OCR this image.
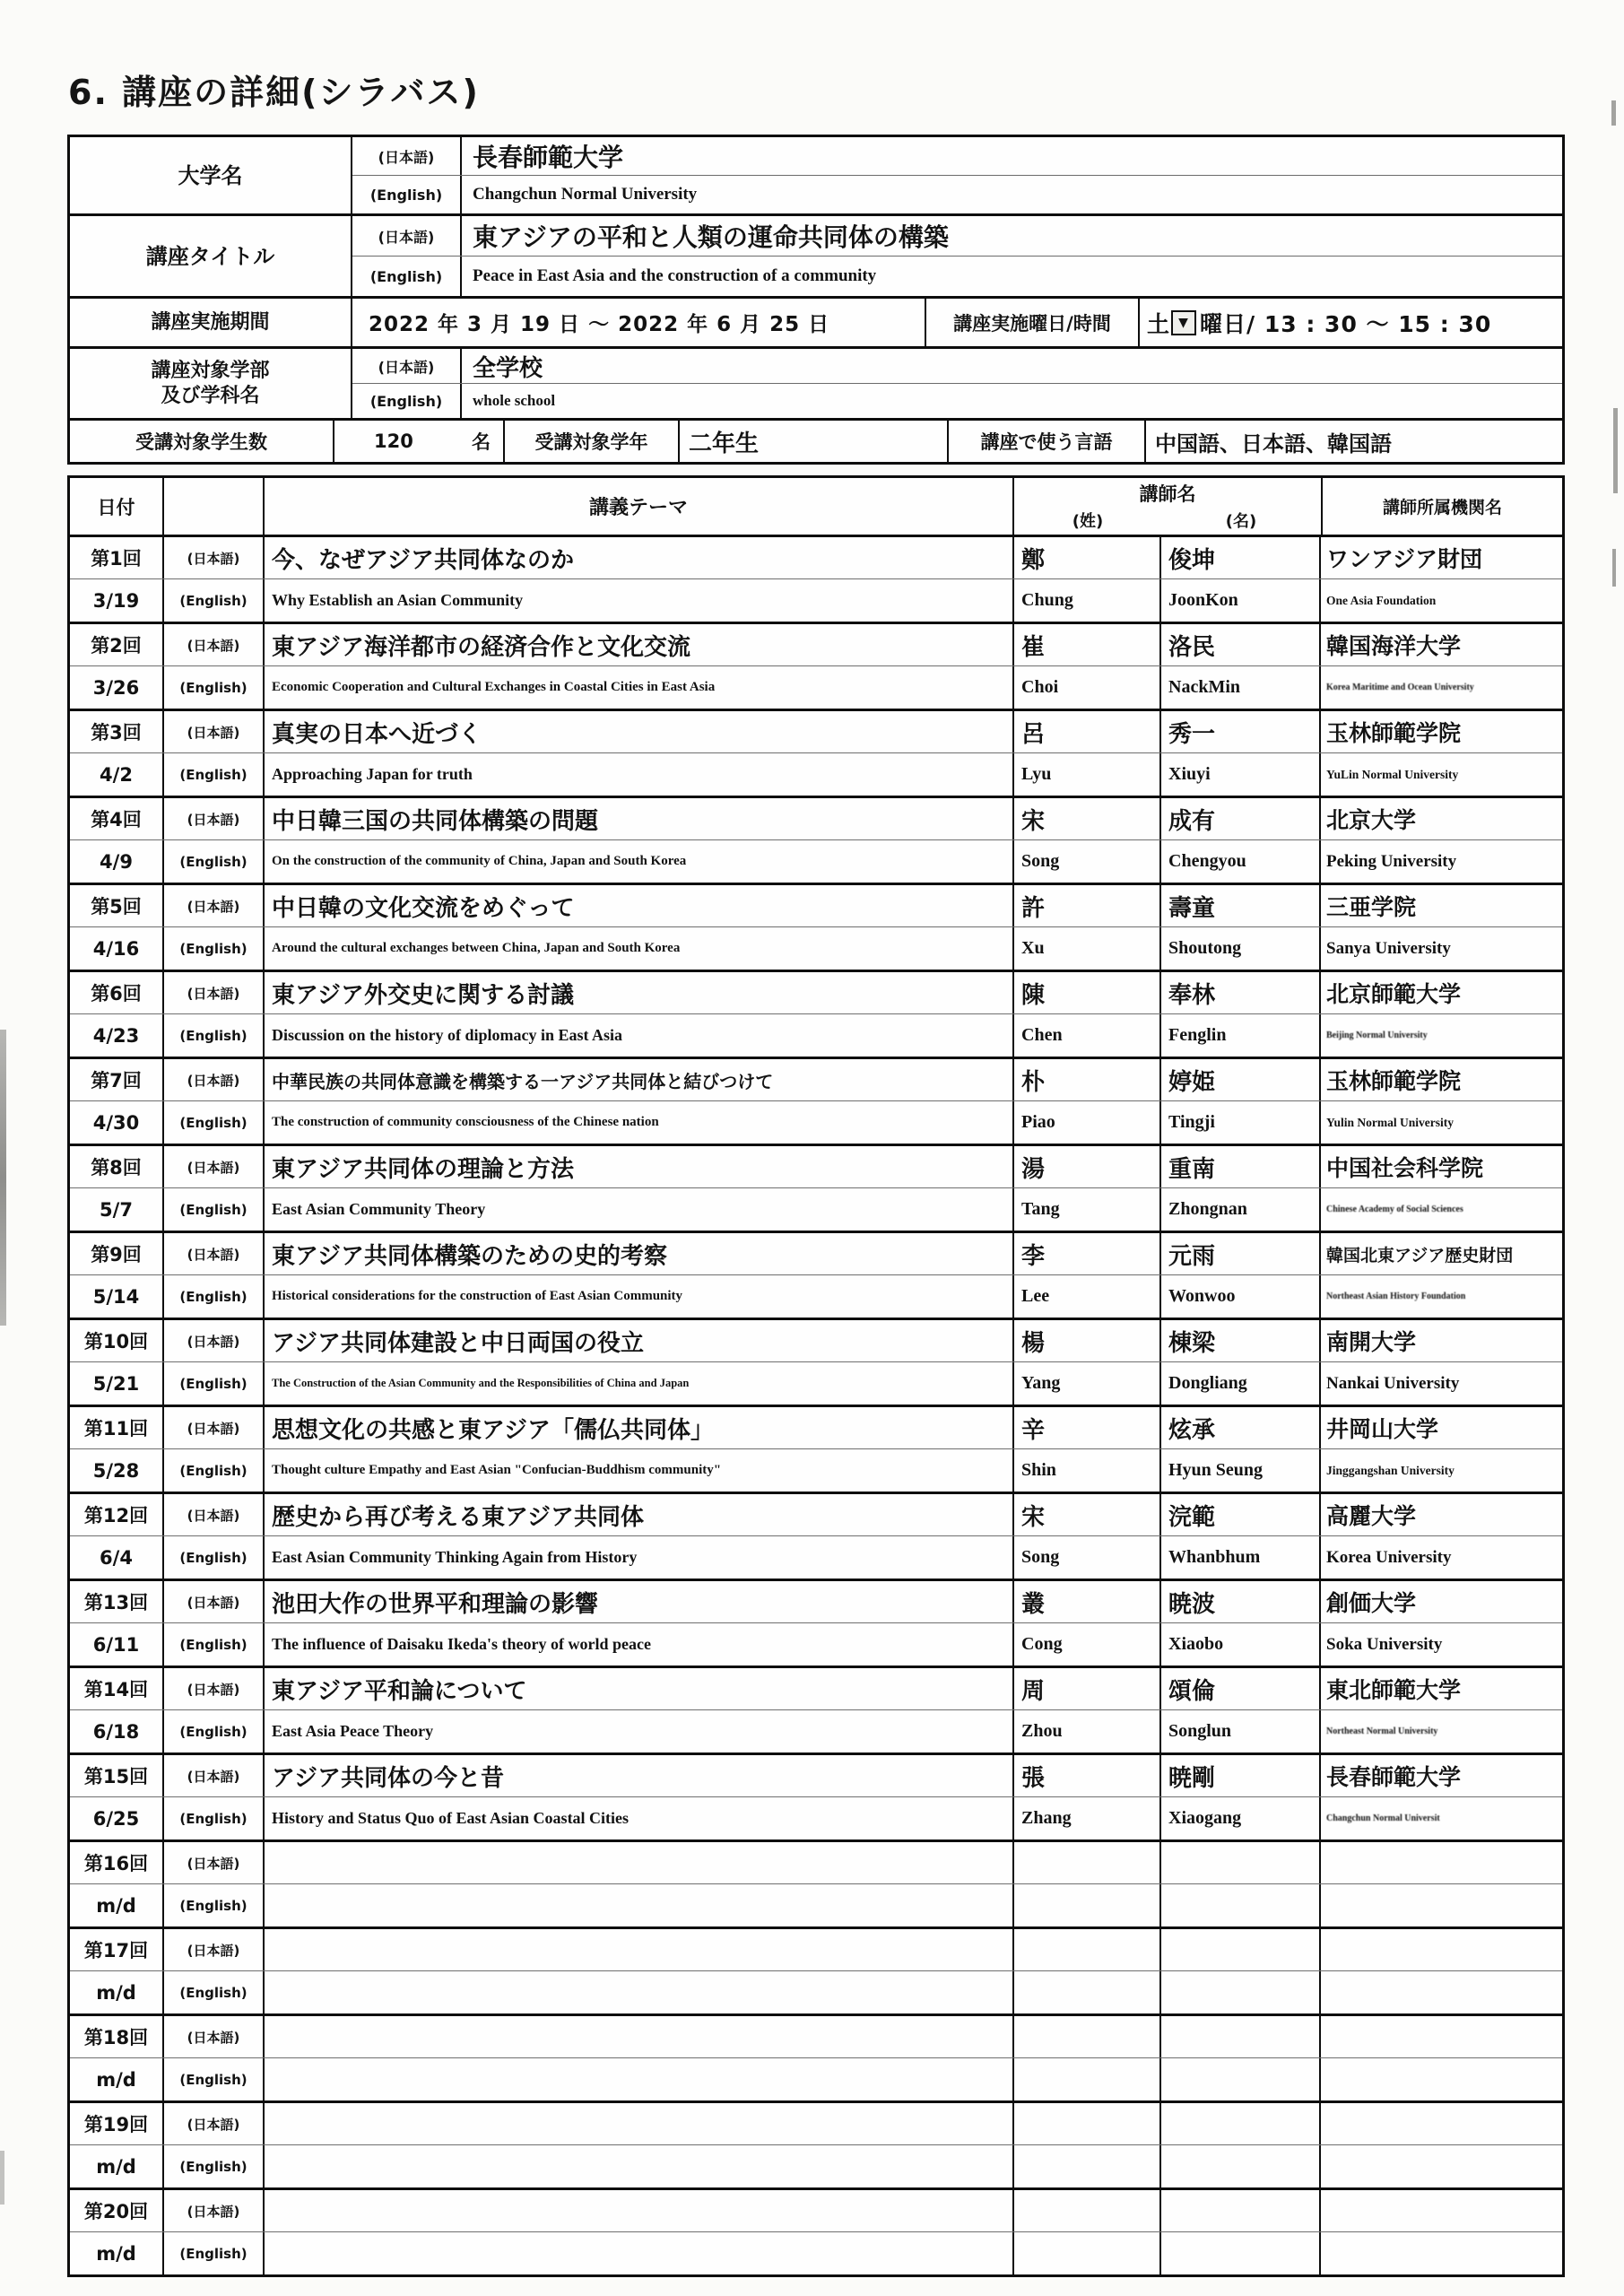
6. 講座の詳細(シラバス)
大学名
(日本語)	長春師範大学
(English)	Changchun Normal University
講座タイトル
(日本語)	東アジアの平和と人類の運命共同体の構築
(English)	Peace in East Asia and the construction of a community
講座実施期間	2022 年 3 月 19 日 ～ 2022 年 6 月 25 日	講座実施曜日/時間	土 ▼ 曜日/ 13 : 30 ～ 15 : 30
講座対象学部
及び学科名
(日本語)	全学校
(English)	whole school
受講対象学生数	120	名	受講対象学年	二年生	講座で使う言語	中国語、日本語、韓国語
日付	講義テーマ
講師名
(姓)	(名)
講師所属機関名
第1回	(日本語)	今、なぜアジア共同体なのか	鄭	俊坤	ワンアジア財団
3/19	(English)	Why Establish an Asian Community	Chung	JoonKon	One Asia Foundation
第2回	(日本語)	東アジア海洋都市の経済合作と文化交流	崔	洛民	韓国海洋大学
3/26	(English)	Economic Cooperation and Cultural Exchanges in Coastal Cities in East Asia	Choi	NackMin	Korea Maritime and Ocean University
第3回	(日本語)	真実の日本へ近づく	呂	秀一	玉林師範学院
4/2	(English)	Approaching Japan for truth	Lyu	Xiuyi	YuLin Normal University
第4回	(日本語)	中日韓三国の共同体構築の問題	宋	成有	北京大学
4/9	(English)	On the construction of the community of China, Japan and South Korea	Song	Chengyou	Peking University
第5回	(日本語)	中日韓の文化交流をめぐって	許	壽童	三亜学院
4/16	(English)	Around the cultural exchanges between China, Japan and South Korea	Xu	Shoutong	Sanya University
第6回	(日本語)	東アジア外交史に関する討議	陳	奉林	北京師範大学
4/23	(English)	Discussion on the history of diplomacy in East Asia	Chen	Fenglin	Beijing Normal University
第7回	(日本語)	中華民族の共同体意識を構築する一アジア共同体と結びつけて	朴	婷姫	玉林師範学院
4/30	(English)	The construction of community consciousness of the Chinese nation	Piao	Tingji	Yulin Normal University
第8回	(日本語)	東アジア共同体の理論と方法	湯	重南	中国社会科学院
5/7	(English)	East Asian Community Theory	Tang	Zhongnan	Chinese Academy of Social Sciences
第9回	(日本語)	東アジア共同体構築のための史的考察	李	元雨	韓国北東アジア歴史財団
5/14	(English)	Historical considerations for the construction of East Asian Community	Lee	Wonwoo	Northeast Asian History Foundation
第10回	(日本語)	アジア共同体建設と中日両国の役立	楊	棟梁	南開大学
5/21	(English)	The Construction of the Asian Community and the Responsibilities of China and Japan	Yang	Dongliang	Nankai University
第11回	(日本語)	思想文化の共感と東アジア「儒仏共同体」	辛	炫承	井岡山大学
5/28	(English)	Thought culture Empathy and East Asian "Confucian-Buddhism community"	Shin	Hyun Seung	Jinggangshan University
第12回	(日本語)	歴史から再び考える東アジア共同体	宋	浣範	高麗大学
6/4	(English)	East Asian Community Thinking Again from History	Song	Whanbhum	Korea University
第13回	(日本語)	池田大作の世界平和理論の影響	叢	暁波	創価大学
6/11	(English)	The influence of Daisaku Ikeda's theory of world peace	Cong	Xiaobo	Soka University
第14回	(日本語)	東アジア平和論について	周	頌倫	東北師範大学
6/18	(English)	East Asia Peace Theory	Zhou	Songlun	Northeast Normal University
第15回	(日本語)	アジア共同体の今と昔	張	暁剛	長春師範大学
6/25	(English)	History and Status Quo of East Asian Coastal Cities	Zhang	Xiaogang	Changchun Normal Universit
第16回	(日本語)
m/d	(English)
第17回	(日本語)
m/d	(English)
第18回	(日本語)
m/d	(English)
第19回	(日本語)
m/d	(English)
第20回	(日本語)
m/d	(English)
